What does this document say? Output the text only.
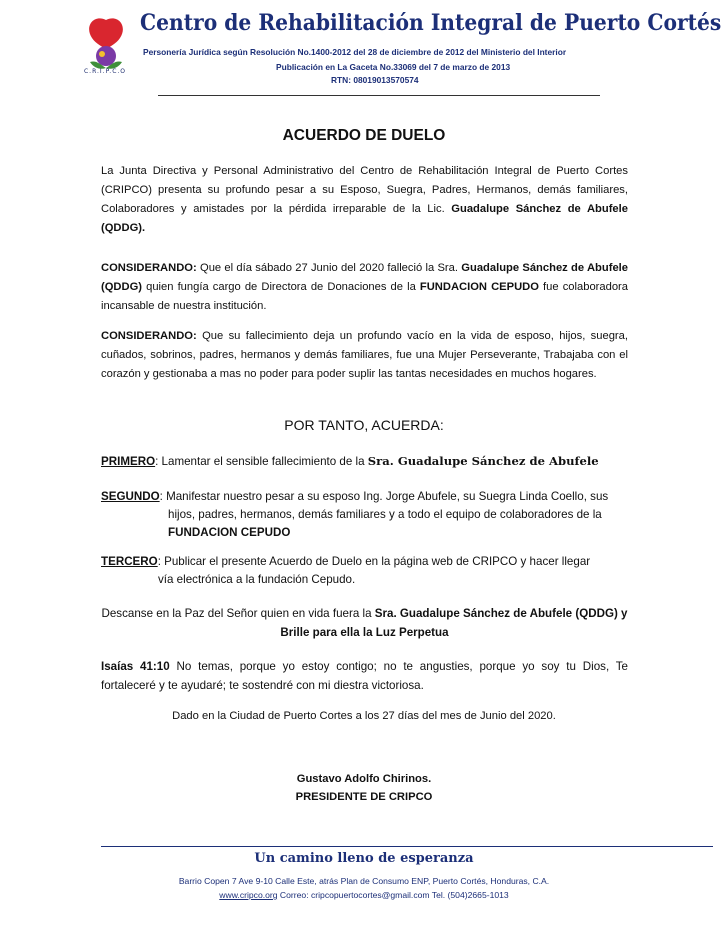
C.R.I.P.C.O
Centro de Rehabilitación Integral de Puerto Cortés
Personería Jurídica según Resolución No.1400-2012 del 28 de diciembre de 2012 del Ministerio del Interior
Publicación en La Gaceta No.33069 del 7 de marzo de 2013
RTN: 08019013570574
ACUERDO DE DUELO
La Junta Directiva y Personal Administrativo del Centro de Rehabilitación Integral de Puerto Cortes (CRIPCO) presenta su profundo pesar a su Esposo, Suegra, Padres, Hermanos, demás familiares, Colaboradores y amistades por la pérdida irreparable de la Lic. Guadalupe Sánchez de Abufele (QDDG).
CONSIDERANDO: Que el día sábado 27 Junio del 2020 falleció la Sra. Guadalupe Sánchez de Abufele (QDDG) quien fungía cargo de Directora de Donaciones de la FUNDACION CEPUDO fue colaboradora incansable de nuestra institución.
CONSIDERANDO: Que su fallecimiento deja un profundo vacío en la vida de esposo, hijos, suegra, cuñados, sobrinos, padres, hermanos y demás familiares, fue una Mujer Perseverante, Trabajaba con el corazón y gestionaba a mas no poder para poder suplir las tantas necesidades en muchos hogares.
POR TANTO, ACUERDA:
PRIMERO: Lamentar el sensible fallecimiento de la Sra. Guadalupe Sánchez de Abufele
SEGUNDO: Manifestar nuestro pesar a su esposo Ing. Jorge Abufele, su Suegra Linda Coello, sus
hijos, padres, hermanos, demás familiares y a todo el equipo de colaboradores de la
FUNDACION CEPUDO
TERCERO: Publicar el presente Acuerdo de Duelo en la página web de CRIPCO y hacer llegar
vía electrónica a la fundación Cepudo.
Descanse en la Paz del Señor quien en vida fuera la Sra. Guadalupe Sánchez de Abufele (QDDG) y Brille para ella la Luz Perpetua
Isaías 41:10 No temas, porque yo estoy contigo; no te angusties, porque yo soy tu Dios, Te fortaleceré y te ayudaré; te sostendré con mi diestra victoriosa.
Dado en la Ciudad de Puerto Cortes a los 27 días del mes de Junio del 2020.
Gustavo Adolfo Chirinos.
PRESIDENTE DE CRIPCO
Un camino lleno de esperanza
Barrio Copen 7 Ave 9-10 Calle Este, atrás Plan de Consumo ENP, Puerto Cortés, Honduras, C.A.
www.cripco.org Correo: cripcopuertocortes@gmail.com Tel. (504)2665-1013
